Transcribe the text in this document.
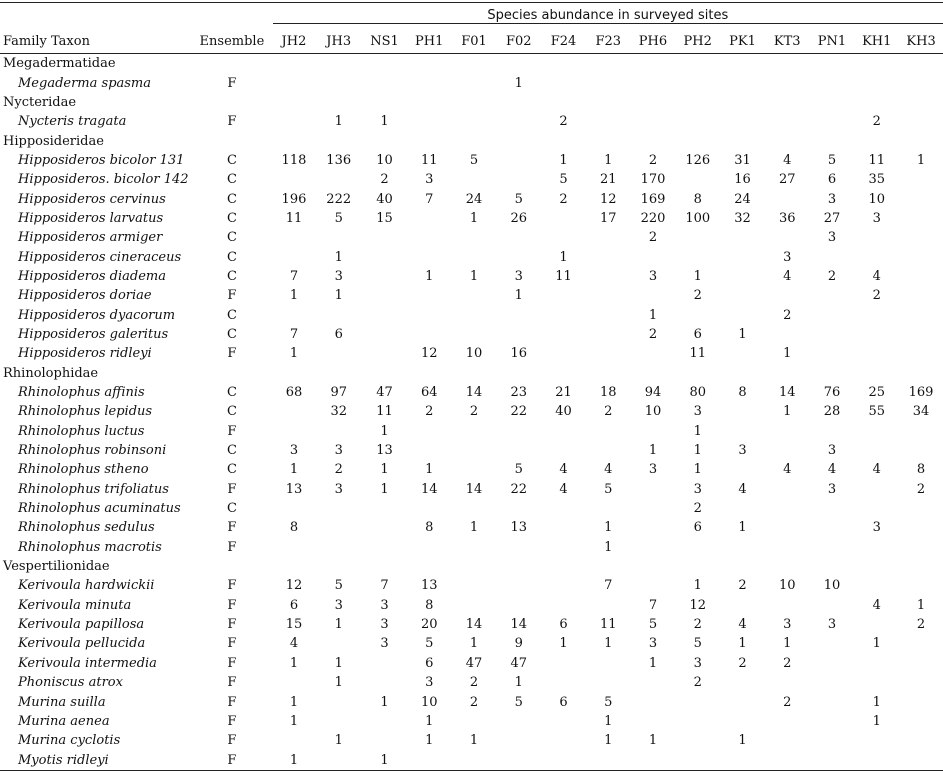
		Species abundance in surveyed sites														

Family Taxon	Ensemble	JH2	JH3	NS1	PH1	F01	F02	F24	F23	PH6	PH2	PK1	KT3	PN1	KH1	KH3
Megadermatidae																
Megaderma spasma	F						1									
Nycteridae																
Nycteris tragata	F		1	1				2							2	
Hipposideridae																
Hipposideros bicolor 131	C	118	136	10	11	5		1	1	2	126	31	4	5	11	1
Hipposideros. bicolor 142	C			2	3			5	21	170		16	27	6	35	
Hipposideros cervinus	C	196	222	40	7	24	5	2	12	169	8	24		3	10	
Hipposideros larvatus	C	11	5	15		1	26		17	220	100	32	36	27	3	
Hipposideros armiger	C									2				3		
Hipposideros cineraceus	C		1					1					3			
Hipposideros diadema	C	7	3		1	1	3	11		3	1		4	2	4	
Hipposideros doriae	F	1	1				1				2				2	
Hipposideros dyacorum	C									1			2			
Hipposideros galeritus	C	7	6							2	6	1				
Hipposideros ridleyi	F	1			12	10	16				11		1			
Rhinolophidae																
Rhinolophus affinis	C	68	97	47	64	14	23	21	18	94	80	8	14	76	25	169
Rhinolophus lepidus	C		32	11	2	2	22	40	2	10	3		1	28	55	34
Rhinolophus luctus	F			1							1					
Rhinolophus robinsoni	C	3	3	13						1	1	3		3		
Rhinolophus stheno	C	1	2	1	1		5	4	4	3	1		4	4	4	8
Rhinolophus trifoliatus	F	13	3	1	14	14	22	4	5		3	4		3		2
Rhinolophus acuminatus	C										2					
Rhinolophus sedulus	F	8			8	1	13		1		6	1			3	
Rhinolophus macrotis	F								1							
Vespertilionidae																
Kerivoula hardwickii	F	12	5	7	13				7		1	2	10	10		
Kerivoula minuta	F	6	3	3	8					7	12				4	1
Kerivoula papillosa	F	15	1	3	20	14	14	6	11	5	2	4	3	3		2
Kerivoula pellucida	F	4		3	5	1	9	1	1	3	5	1	1		1	
Kerivoula intermedia	F	1	1		6	47	47			1	3	2	2			
Phoniscus atrox	F		1		3	2	1				2					
Murina suilla	F	1		1	10	2	5	6	5				2		1	
Murina aenea	F	1			1				1						1	
Murina cyclotis	F		1		1	1			1	1		1				
Myotis ridleyi	F	1		1												
